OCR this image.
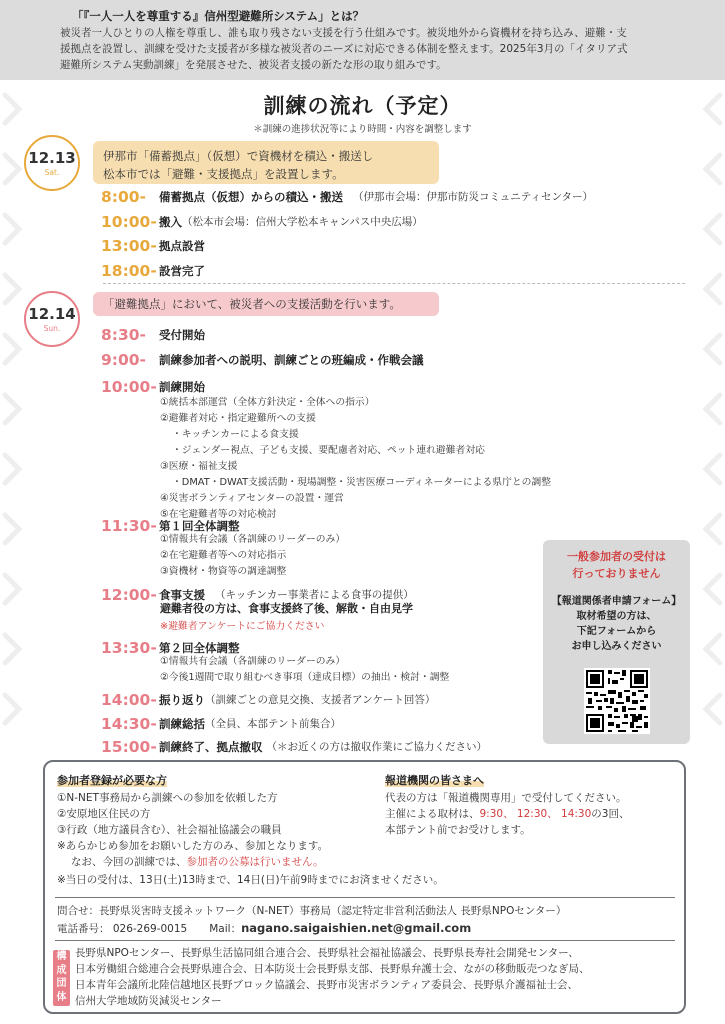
「『一人一人を尊重する』信州型避難所システム」とは？
被災者一人ひとりの人権を尊重し、誰も取り残さない支援を行う仕組みです。被災地外から資機材を持ち込み、避難・支
援拠点を設置し、訓練を受けた支援者が多様な被災者のニーズに対応できる体制を整えます。2025年3月の「イタリア式
避難所システム実動訓練」を発展させた、被災者支援の新たな形の取り組みです。
訓練の流れ（予定）
＊訓練の進捗状況等により時間・内容を調整します
12.13
Sat.
伊那市「備蓄拠点」（仮想）で資機材を積込・搬送し
松本市では「避難・支援拠点」を設置します。
8:00- 備蓄拠点（仮想）からの積込・搬送 （伊那市会場：伊那市防災コミュニティセンター）
10:00- 搬入（松本市会場：信州大学松本キャンパス中央広場）
13:00- 拠点設営
18:00- 設営完了
12.14
Sun.
「避難拠点」において、被災者への支援活動を行います。
8:30- 受付開始
9:00- 訓練参加者への説明、訓練ごとの班編成・作戦会議
10:00- 訓練開始
①統括本部運営（全体方針決定・全体への指示）
②避難者対応・指定避難所への支援
・キッチンカーによる食支援
・ジェンダー視点、子ども支援、要配慮者対応、ペット連れ避難者対応
③医療・福祉支援
・DMAT・DWAT支援活動・現場調整・災害医療コーディネーターによる県庁との調整
④災害ボランティアセンターの設置・運営
⑤在宅避難者等の対応検討
11:30- 第１回全体調整
①情報共有会議（各訓練のリーダーのみ）
②在宅避難者等への対応指示
③資機材・物資等の調達調整
12:00- 食事支援 （キッチンカー事業者による食事の提供）
避難者役の方は、食事支援終了後、解散・自由見学
※避難者アンケートにご協力ください
13:30- 第２回全体調整
①情報共有会議（各訓練のリーダーのみ）
②今後1週間で取り組むべき事項（達成目標）の抽出・検討・調整
14:00- 振り返り（訓練ごとの意見交換、支援者アンケート回答）
14:30- 訓練総括（全員、本部テント前集合）
15:00- 訓練終了、拠点撤収 （＊お近くの方は撤収作業にご協力ください）
一般参加者の受付は
行っておりません
【報道関係者申請フォーム】
取材希望の方は、
下記フォームから
お申し込みください
参加者登録が必要な方
①N-NET事務局から訓練への参加を依頼した方
②安原地区住民の方
③行政（地方議員含む）、社会福祉協議会の職員
※あらかじめ参加をお願いした方のみ、参加となります。
なお、今回の訓練では、参加者の公募は行いません。
※当日の受付は、13日(土)13時まで、14日(日)午前9時までにお済ませください。
報道機関の皆さまへ
代表の方は「報道機関専用」で受付してください。
主催による取材は、9:30、 12:30、 14:30の3回、
本部テント前でお受けします。
問合せ：長野県災害時支援ネットワーク（N-NET）事務局（認定特定非営利活動法人 長野県NPOセンター）
電話番号： 026-269-0015 Mail：nagano.saigaishien.net@gmail.com
構成団体
長野県NPOセンター、長野県生活協同組合連合会、長野県社会福祉協議会、長野県長寿社会開発センター、
日本労働組合総連合会長野県連合会、日本防災士会長野県支部、長野県弁護士会、ながの移動販売つなぎ局、
日本青年会議所北陸信越地区長野ブロック協議会、長野市災害ボランティア委員会、長野県介護福祉士会、
信州大学地域防災減災センター
